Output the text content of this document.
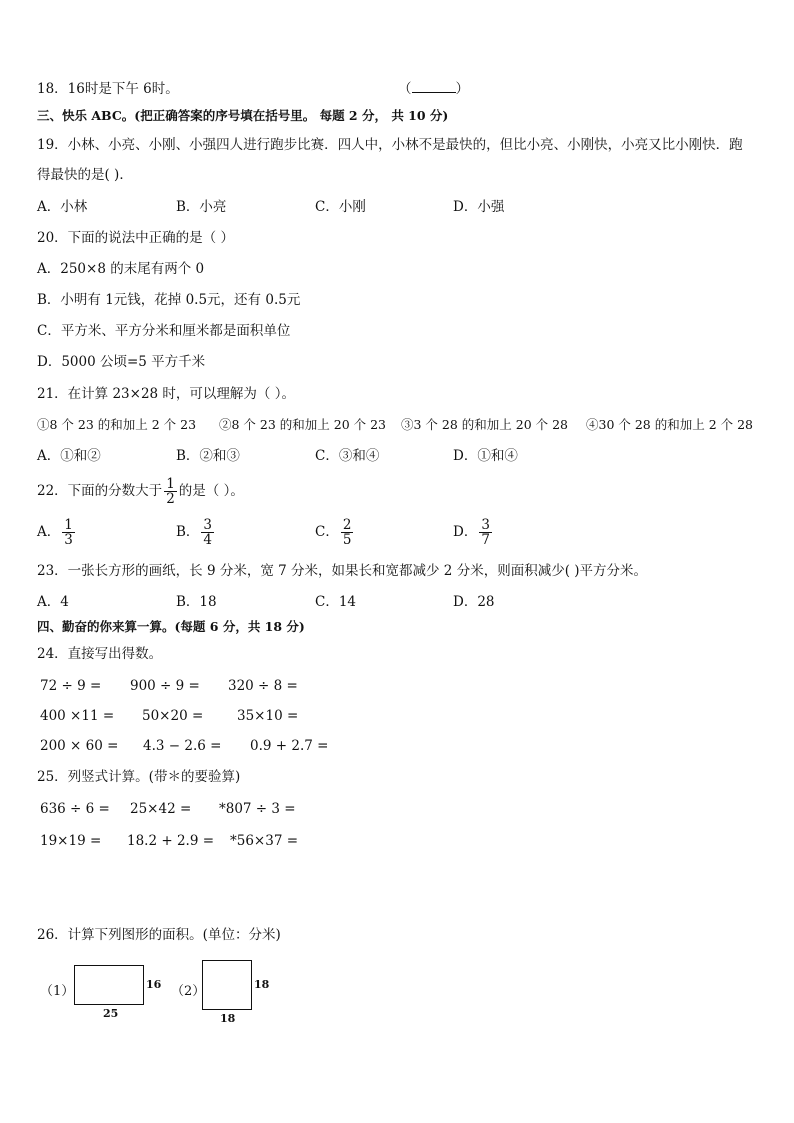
18．16时是下午 6时。	（	）
三、快乐 ABC。(把正确答案的序号填在括号里。 每题 2 分， 共 10 分)
19．小林、小亮、小刚、小强四人进行跑步比赛．四人中，小林不是最快的，但比小亮、小刚快，小亮又比小刚快．跑
得最快的是( )．
A．小林	B．小亮	C．小刚	D．小强
20．下面的说法中正确的是（ ）
A．250×8 的末尾有两个 0
B．小明有 1元钱，花掉 0.5元，还有 0.5元
C．平方米、平方分米和厘米都是面积单位
D．5000 公顷=5 平方千米
21．在计算 23×28 时，可以理解为（ ）。
①8 个 23 的和加上 2 个 23 ②8 个 23 的和加上 20 个 23 ③3 个 28 的和加上 20 个 28 ④30 个 28 的和加上 2 个 28
A．①和②	B．②和③	C．③和④	D．①和④
22．下面的分数大于 $\frac{1}{2}$ 的是（ ）。
A． $\frac{1}{3}$	B． $\frac{3}{4}$	C． $\frac{2}{5}$	D． $\frac{3}{7}$
23．一张长方形的画纸，长 9 分米，宽 7 分米，如果长和宽都减少 2 分米，则面积减少( )平方分米。
A．4	B．18	C．14	D．28
四、勤奋的你来算一算。(每题 6 分，共 18 分)
24．直接写出得数。
72 ÷ 9 = 900 ÷ 9 = 320 ÷ 8 =
400 ×11 = 50×20 = 35×10 =
200 × 60 = 4.3 − 2.6 = 0.9 + 2.7 =
25．列竖式计算。(带＊的要验算)
636 ÷ 6 = 25×42 = *807 ÷ 3 =
19×19 = 18.2 + 2.9 = *56×37 =
26．计算下列图形的面积。(单位：分米)
（1）	16
25
（2）	18
18
